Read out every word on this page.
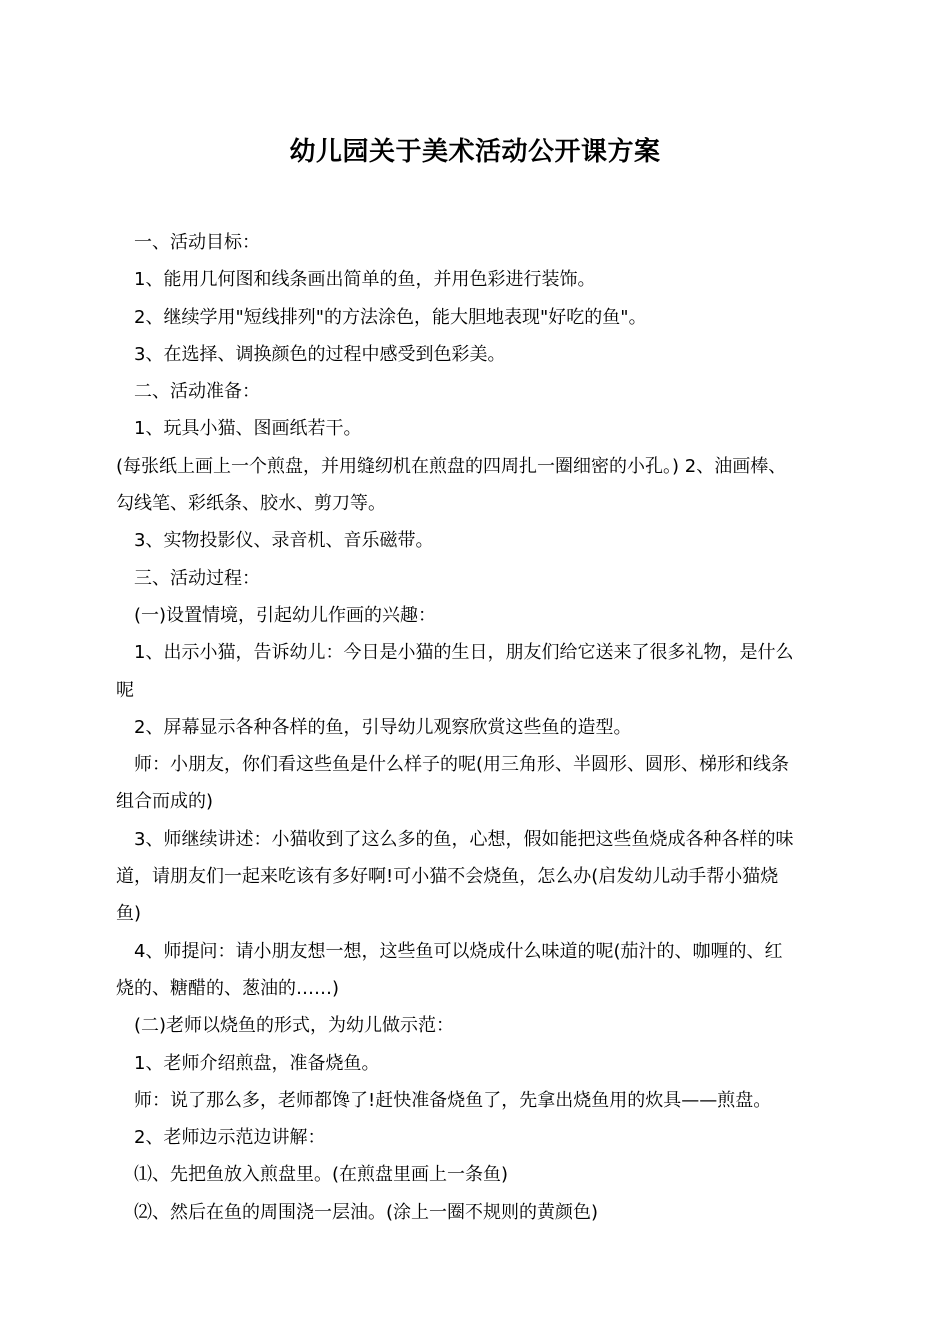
幼儿园关于美术活动公开课方案

一、活动目标：

1、能用几何图和线条画出简单的鱼，并用色彩进行装饰。

2、继续学用"短线排列"的方法涂色，能大胆地表现"好吃的鱼"。

3、在选择、调换颜色的过程中感受到色彩美。

二、活动准备：

1、玩具小猫、图画纸若干。

(每张纸上画上一个煎盘，并用缝纫机在煎盘的四周扎一圈细密的小孔。) 2、油画棒、

勾线笔、彩纸条、胶水、剪刀等。

3、实物投影仪、录音机、音乐磁带。

三、活动过程：

(一)设置情境，引起幼儿作画的兴趣：

1、出示小猫，告诉幼儿：今日是小猫的生日，朋友们给它送来了很多礼物，是什么

呢

2、屏幕显示各种各样的鱼，引导幼儿观察欣赏这些鱼的造型。

师：小朋友，你们看这些鱼是什么样子的呢(用三角形、半圆形、圆形、梯形和线条

组合而成的)

3、师继续讲述：小猫收到了这么多的鱼，心想，假如能把这些鱼烧成各种各样的味

道，请朋友们一起来吃该有多好啊!可小猫不会烧鱼，怎么办(启发幼儿动手帮小猫烧

鱼)

4、师提问：请小朋友想一想，这些鱼可以烧成什么味道的呢(茄汁的、咖喱的、红

烧的、糖醋的、葱油的……)

(二)老师以烧鱼的形式，为幼儿做示范：

1、老师介绍煎盘，准备烧鱼。

师：说了那么多，老师都馋了!赶快准备烧鱼了，先拿出烧鱼用的炊具——煎盘。

2、老师边示范边讲解：

⑴、先把鱼放入煎盘里。(在煎盘里画上一条鱼)

⑵、然后在鱼的周围浇一层油。(涂上一圈不规则的黄颜色)
